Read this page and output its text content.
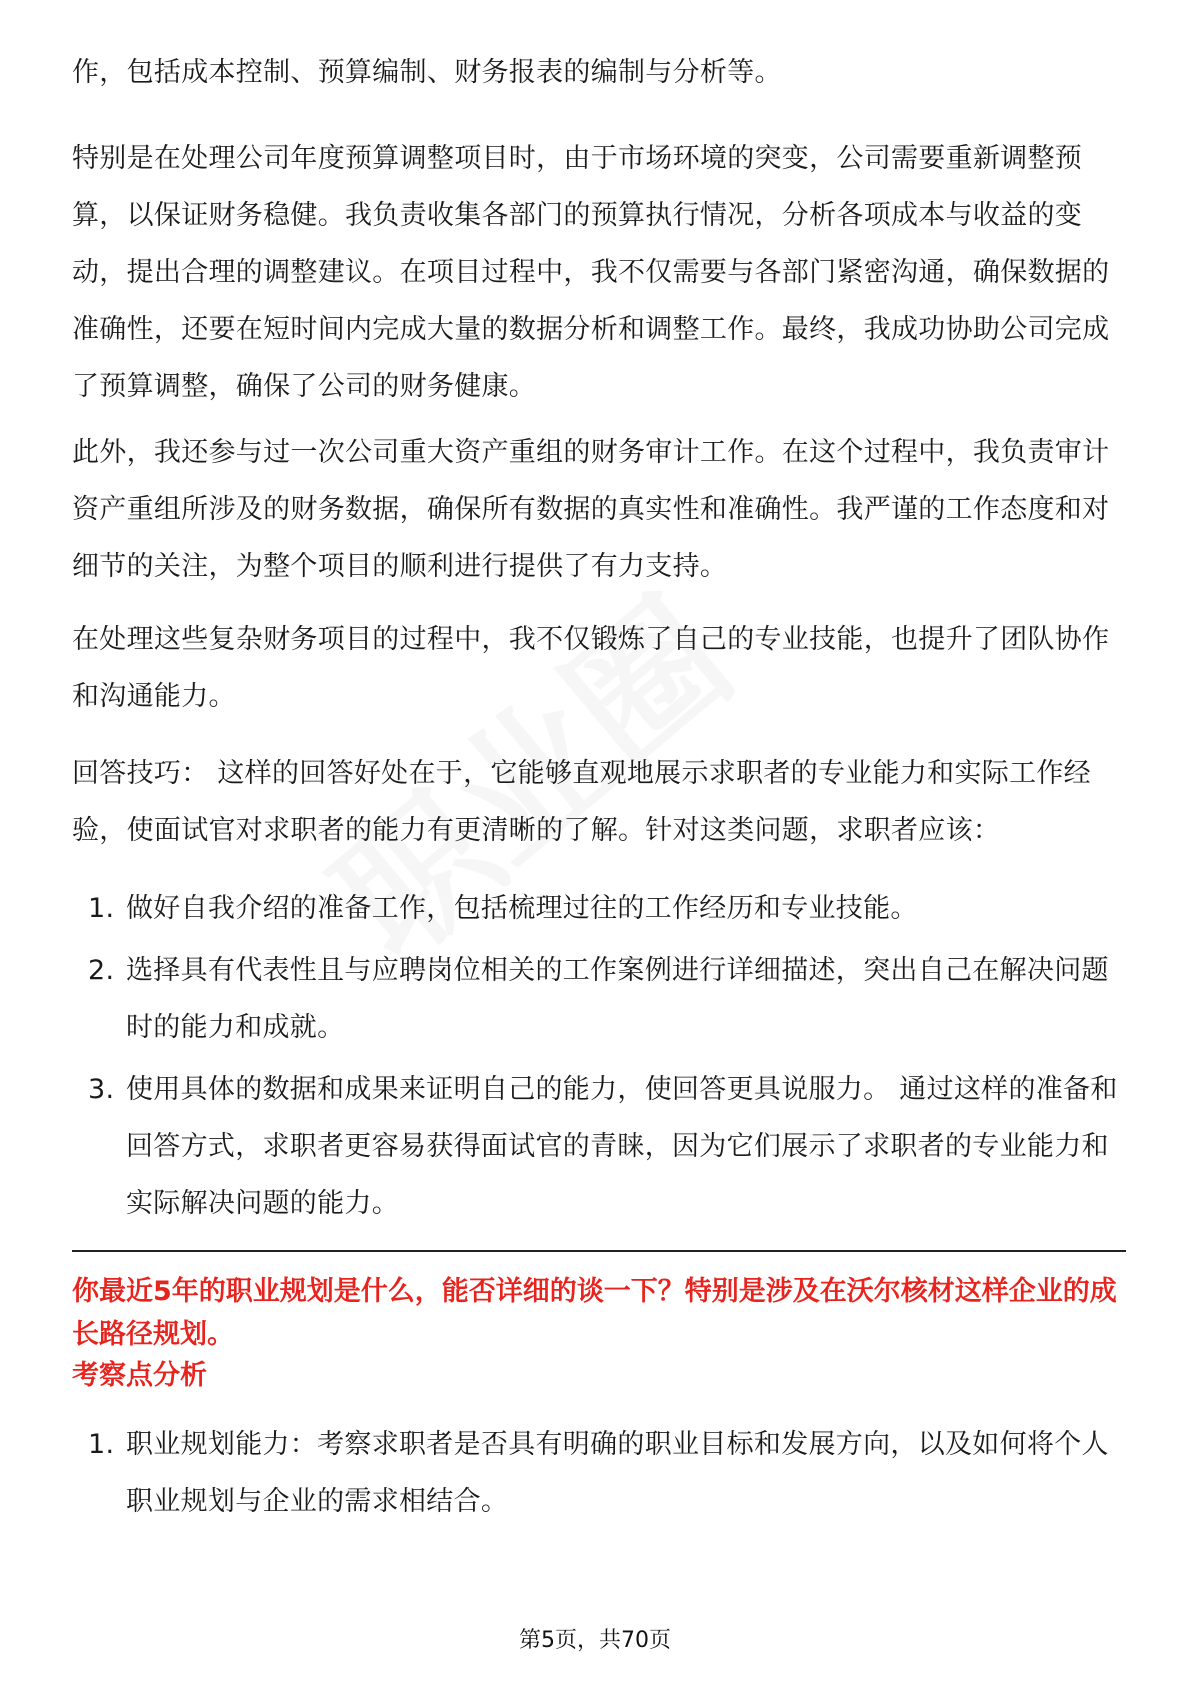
作，包括成本控制、预算编制、财务报表的编制与分析等。

特别是在处理公司年度预算调整项目时，由于市场环境的突变，公司需要重新调整预算，以保证财务稳健。我负责收集各部门的预算执行情况，分析各项成本与收益的变动，提出合理的调整建议。在项目过程中，我不仅需要与各部门紧密沟通，确保数据的准确性，还要在短时间内完成大量的数据分析和调整工作。最终，我成功协助公司完成了预算调整，确保了公司的财务健康。

此外，我还参与过一次公司重大资产重组的财务审计工作。在这个过程中，我负责审计资产重组所涉及的财务数据，确保所有数据的真实性和准确性。我严谨的工作态度和对细节的关注，为整个项目的顺利进行提供了有力支持。

在处理这些复杂财务项目的过程中，我不仅锻炼了自己的专业技能，也提升了团队协作和沟通能力。

回答技巧： 这样的回答好处在于，它能够直观地展示求职者的专业能力和实际工作经验，使面试官对求职者的能力有更清晰的了解。针对这类问题，求职者应该：

1. 做好自我介绍的准备工作，包括梳理过往的工作经历和专业技能。
2. 选择具有代表性且与应聘岗位相关的工作案例进行详细描述，突出自己在解决问题时的能力和成就。
3. 使用具体的数据和成果来证明自己的能力，使回答更具说服力。 通过这样的准备和回答方式，求职者更容易获得面试官的青睐，因为它们展示了求职者的专业能力和实际解决问题的能力。

你最近5年的职业规划是什么，能否详细的谈一下？特别是涉及在沃尔核材这样企业的成长路径规划。

考察点分析

1. 职业规划能力：考察求职者是否具有明确的职业目标和发展方向，以及如何将个人职业规划与企业的需求相结合。
第5页，共70页
